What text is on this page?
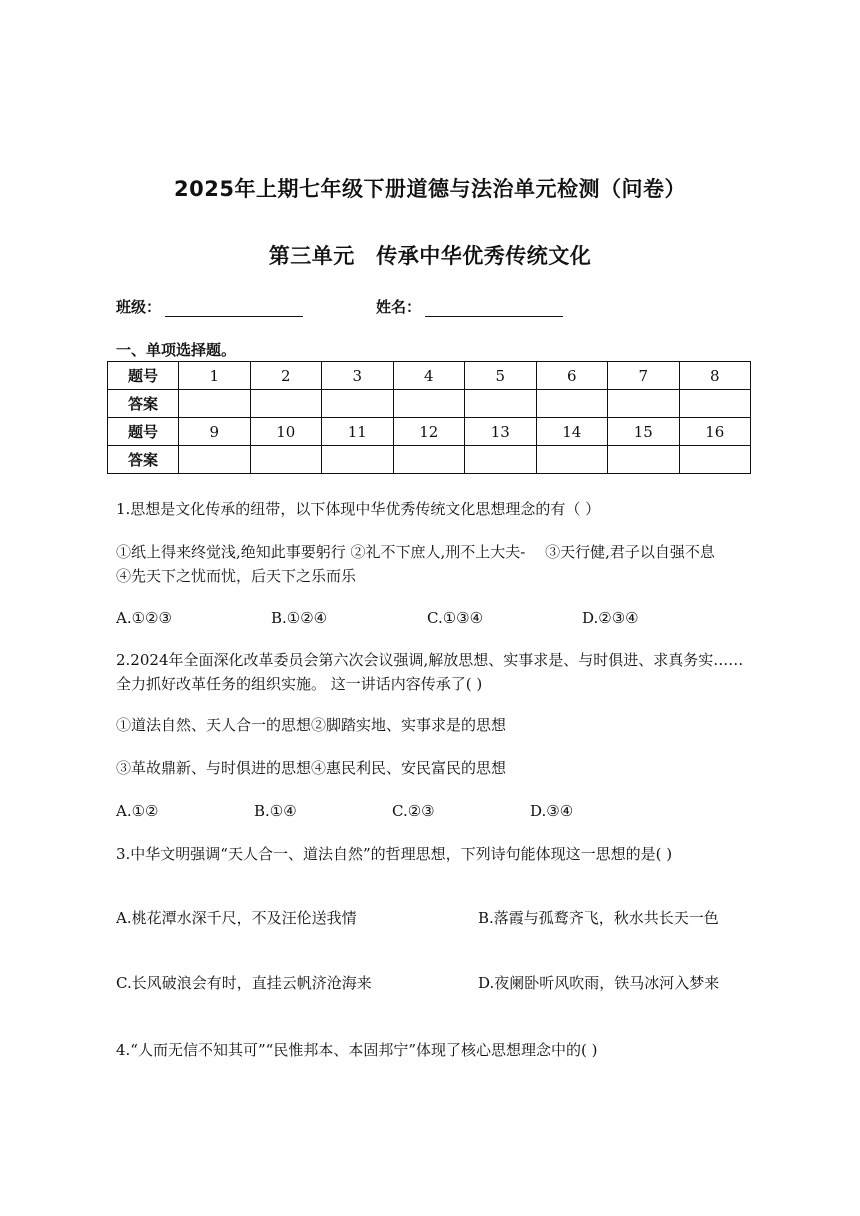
2025年上期七年级下册道德与法治单元检测（问卷）
第三单元　传承中华优秀传统文化
班级：	姓名：
一、单项选择题。
题号	1	2	3	4	5	6	7	8
答案								
题号	9	10	11	12	13	14	15	16
答案								
1.思想是文化传承的纽带，以下体现中华优秀传统文化思想理念的有（ ）
①纸上得来终觉浅,绝知此事要躬行 ②礼不下庶人,刑不上大夫-　 ③天行健,君子以自强不息　 ④先天下之忧而忧，后天下之乐而乐
A.①②③	B.①②④	C.①③④	D.②③④
2.2024年全面深化改革委员会第六次会议强调,解放思想、实事求是、与时俱进、求真务实……全力抓好改革任务的组织实施。 这一讲话内容传承了( )
①道法自然、天人合一的思想②脚踏实地、实事求是的思想
③革故鼎新、与时俱进的思想④惠民利民、安民富民的思想
A.①②	B.①④	C.②③	D.③④
3.中华文明强调“天人合一、道法自然”的哲理思想，下列诗句能体现这一思想的是( )
A.桃花潭水深千尺，不及汪伦送我情	B.落霞与孤鹜齐飞，秋水共长天一色
C.长风破浪会有时，直挂云帆济沧海来	D.夜阑卧听风吹雨，铁马冰河入梦来
4.“人而无信不知其可”“民惟邦本、本固邦宁”体现了核心思想理念中的( )
